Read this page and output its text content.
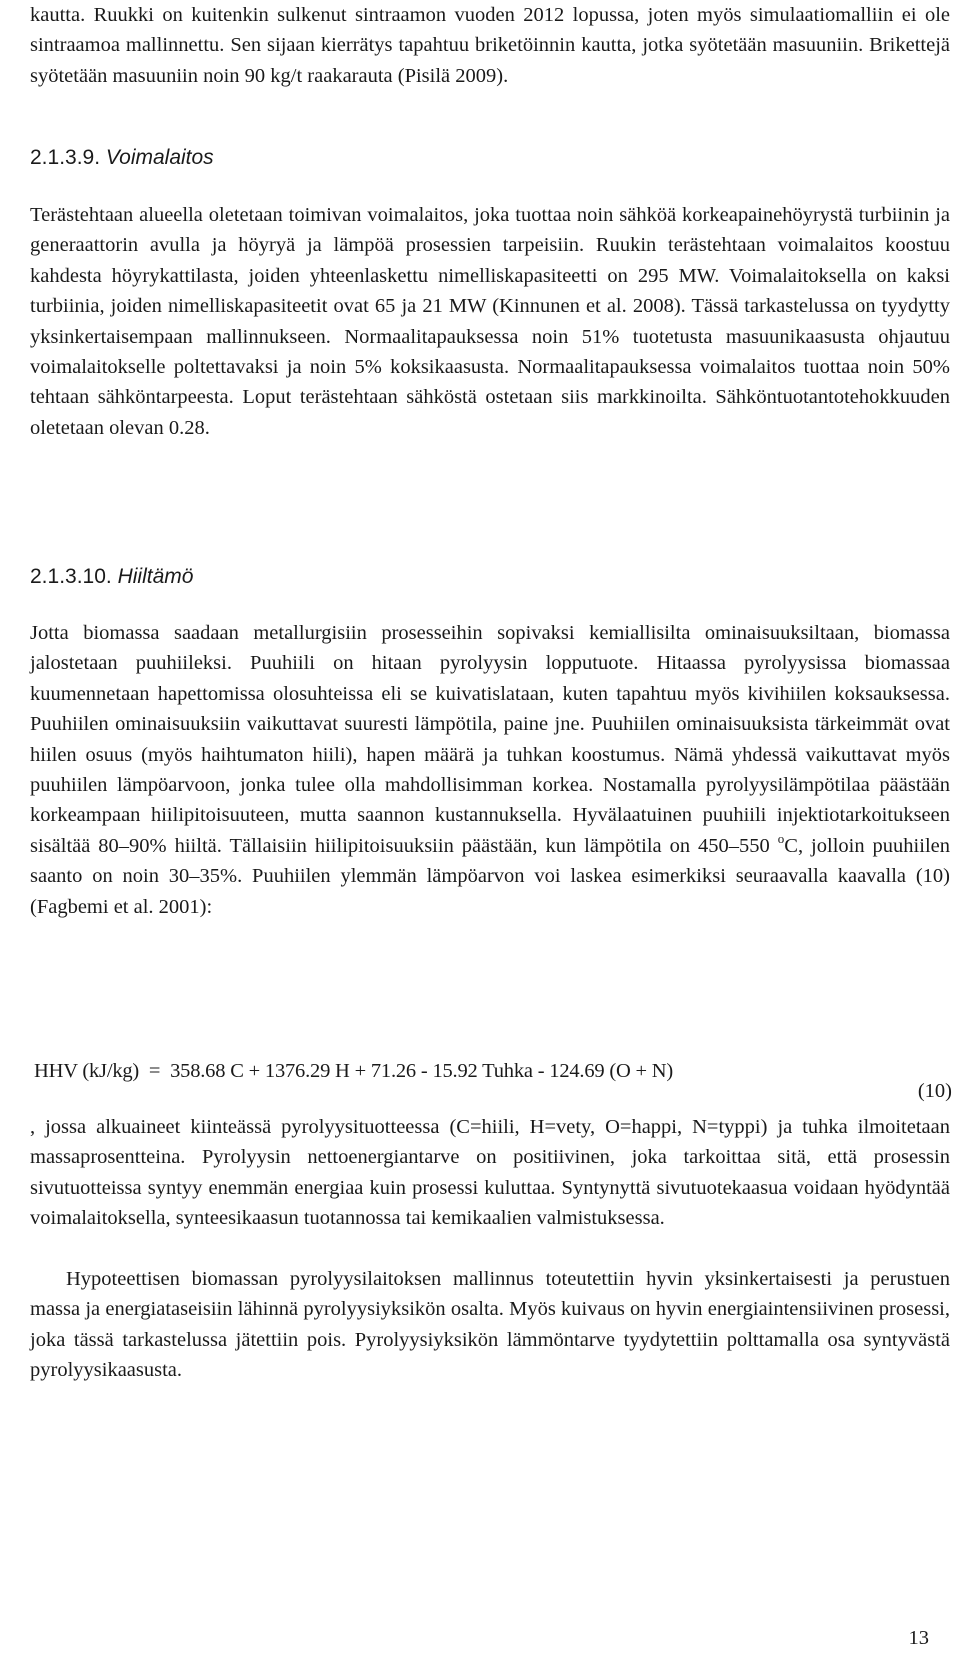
kautta. Ruukki on kuitenkin sulkenut sintraamon vuoden 2012 lopussa, joten myös simulaatiomalliin ei ole sintraamoa mallinnettu. Sen sijaan kierrätys tapahtuu briketöinnin kautta, jotka syötetään masuuniin. Brikettejä syötetään masuuniin noin 90 kg/t raakarauta (Pisilä 2009).

2.1.3.9. Voimalaitos

Terästehtaan alueella oletetaan toimivan voimalaitos, joka tuottaa noin sähköä korkeapainehöyrystä turbiinin ja generaattorin avulla ja höyryä ja lämpöä prosessien tarpeisiin. Ruukin terästehtaan voimalaitos koostuu kahdesta höyrykattilasta, joiden yhteenlaskettu nimelliskapasiteetti on 295 MW. Voimalaitoksella on kaksi turbiinia, joiden nimelliskapasiteetit ovat 65 ja 21 MW (Kinnunen et al. 2008). Tässä tarkastelussa on tyydytty yksinkertaisempaan mallinnukseen. Normaalitapauksessa noin 51% tuotetusta masuunikaasusta ohjautuu voimalaitokselle poltettavaksi ja noin 5% koksikaasusta. Normaalitapauksessa voimalaitos tuottaa noin 50% tehtaan sähköntarpeesta. Loput terästehtaan sähköstä ostetaan siis markkinoilta. Sähköntuotantotehokkuuden oletetaan olevan 0.28.

2.1.3.10. Hiiltämö

Jotta biomassa saadaan metallurgisiin prosesseihin sopivaksi kemiallisilta ominaisuuksiltaan, biomassa jalostetaan puuhiileksi. Puuhiili on hitaan pyrolyysin lopputuote. Hitaassa pyrolyysissa biomassaa kuumennetaan hapettomissa olosuhteissa eli se kuivatislataan, kuten tapahtuu myös kivihiilen koksauksessa. Puuhiilen ominaisuuksiin vaikuttavat suuresti lämpötila, paine jne. Puuhiilen ominaisuuksista tärkeimmät ovat hiilen osuus (myös haihtumaton hiili), hapen määrä ja tuhkan koostumus. Nämä yhdessä vaikuttavat myös puuhiilen lämpöarvoon, jonka tulee olla mahdollisimman korkea. Nostamalla pyrolyysilämpötilaa päästään korkeampaan hiilipitoisuuteen, mutta saannon kustannuksella. Hyvälaatuinen puuhiili injektiotarkoitukseen sisältää 80–90% hiiltä. Tällaisiin hiilipitoisuuksiin päästään, kun lämpötila on 450–550 $^o$C, jolloin puuhiilen saanto on noin 30–35%. Puuhiilen ylemmän lämpöarvon voi laskea esimerkiksi seuraavalla kaavalla (10) (Fagbemi et al. 2001):

HHV (kJ/kg)  =  358.68 C + 1376.29 H + 71.26 - 15.92 Tuhka - 124.69 (O + N)
(10)

, jossa alkuaineet kiinteässä pyrolyysituotteessa (C=hiili, H=vety, O=happi, N=typpi) ja tuhka ilmoitetaan massaprosentteina. Pyrolyysin nettoenergiantarve on positiivinen, joka tarkoittaa sitä, että prosessin sivutuotteissa syntyy enemmän energiaa kuin prosessi kuluttaa. Syntynyttä sivutuotekaasua voidaan hyödyntää voimalaitoksella, synteesikaasun tuotannossa tai kemikaalien valmistuksessa.

Hypoteettisen biomassan pyrolyysilaitoksen mallinnus toteutettiin hyvin yksinkertaisesti ja perustuen massa ja energiataseisiin lähinnä pyrolyysiyksikön osalta. Myös kuivaus on hyvin energiaintensiivinen prosessi, joka tässä tarkastelussa jätettiin pois. Pyrolyysiyksikön lämmöntarve tyydytettiin polttamalla osa syntyvästä pyrolyysikaasusta.

13
